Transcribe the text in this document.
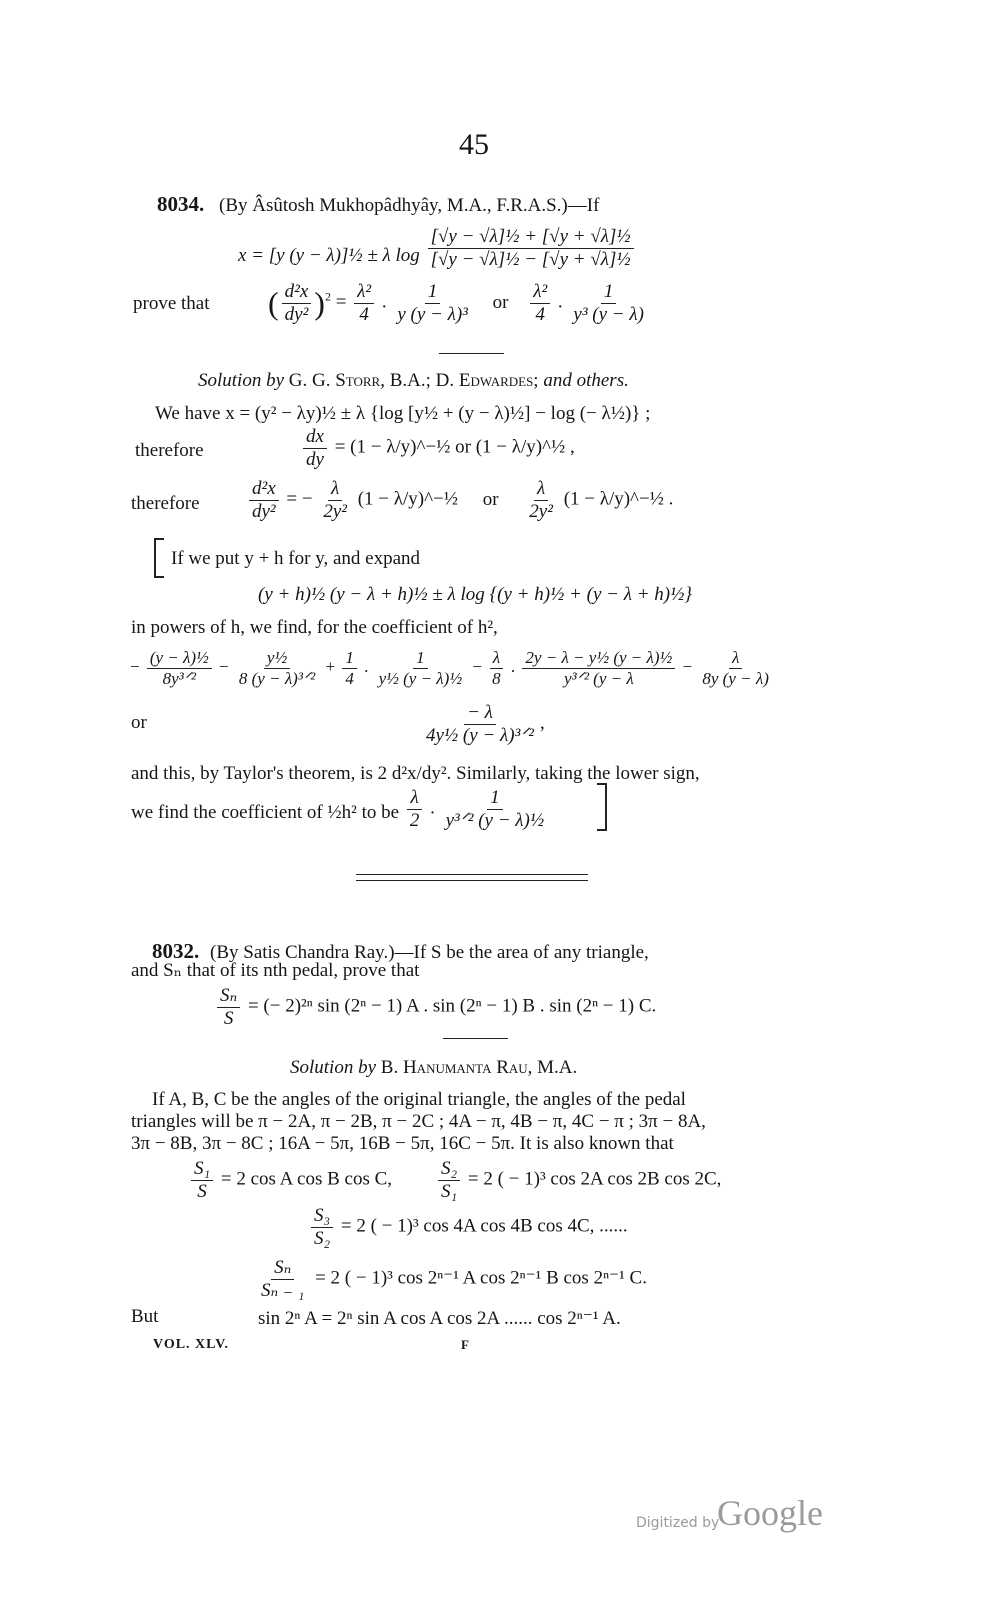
45
8034. (By Âsûtosh Mukhopâdhyây, M.A., F.R.A.S.)—If
x = [y (y − λ)]½ ± λ $\log \frac{\text{[√y − √λ]½ + [√y + √λ]½}}{\text{[√y − √λ]½ − [√y + √λ]½}}$
prove that ( $\frac{\text{d²x}}{\text{dy²}} )^2 = \frac{\text{λ²}}{4}$ . $\frac{1}{\text{y (y − λ)³}}$ or $\frac{\text{λ²}}{4}$ . $\frac{1}{\text{y³ (y − λ)}}$
Solution by G. G. Storr, B.A.; D. Edwardes; and others.
We have x = (y² − λy)½ ± λ {log [y½ + (y − λ)½] − log (− λ½)} ;
therefore	$\frac{dx}{dy} = (1$ − λ/y)^−½ or (1 − λ/y)^½ ,
therefore	$\frac{\text{d²x}}{\text{dy²}}$ = − $\frac{\lambda}{\text{2y²}} (1$ − λ/y)^−½ or $\frac{\lambda}{\text{2y²}} (1$ − λ/y)^−½ .
If we put y + h for y, and expand
(y + h)½ (y − λ + h)½ ± λ log {(y + h)½ + (y − λ + h)½}
in powers of h, we find, for the coefficient of h²,
− $\frac{\text{(y − λ)½}}{\text{8y³ᐟ²}} - \frac{\text{y½}}{\text{8 (y − λ)³ᐟ²}} + \frac{1}{4}$ . $\frac{1}{\text{y½ (y − λ)½}} - \frac{\lambda}{8}$ . $\frac{\text{2y − λ − y½ (y − λ)½}}{\text{y³ᐟ² (y − λ}} - \frac{\lambda}{8y (y - \lambda)}$
or	$\frac{- \lambda}{\text{4y½ (y − λ)³ᐟ²}}$ ,
and this, by Taylor's theorem, is 2 d²x/dy². Similarly, taking the lower sign,
we find the coefficient of ½h² to be $\frac{\lambda}{2}$ . $\frac{1}{\text{y³ᐟ² (y − λ)½}}$
8032. (By Satis Chandra Ray.)—If S be the area of any triangle,
and Sₙ that of its nth pedal, prove that
$\frac{\text{Sₙ}}{S}$ = (− 2)²ⁿ sin (2ⁿ − 1) A . sin (2ⁿ − 1) B . sin (2ⁿ − 1) C.
Solution by B. Hanumanta Rau, M.A.
If A, B, C be the angles of the original triangle, the angles of the pedal
triangles will be π − 2A, π − 2B, π − 2C ; 4A − π, 4B − π, 4C − π ; 3π − 8A,
3π − 8B, 3π − 8C ; 16A − 5π, 16B − 5π, 16C − 5π. It is also known that
$\frac{\text{S₁}}{S} = 2$ cos A cos B cos C, $\frac{\text{S₂}}{\text{S₁}} = 2$ ( − 1)³ cos 2A cos 2B cos 2C,
$\frac{\text{S₃}}{\text{S₂}} = 2$ ( − 1)³ cos 4A cos 4B cos 4C, ......
$\frac{\text{Sₙ}}{\text{Sₙ ₋ ₁}} = 2$ ( − 1)³ cos 2ⁿ⁻¹ A cos 2ⁿ⁻¹ B cos 2ⁿ⁻¹ C.
But	sin 2ⁿ A = 2ⁿ sin A cos A cos 2A ...... cos 2ⁿ⁻¹ A.
VOL. XLV.	F
Digitized by
Google
